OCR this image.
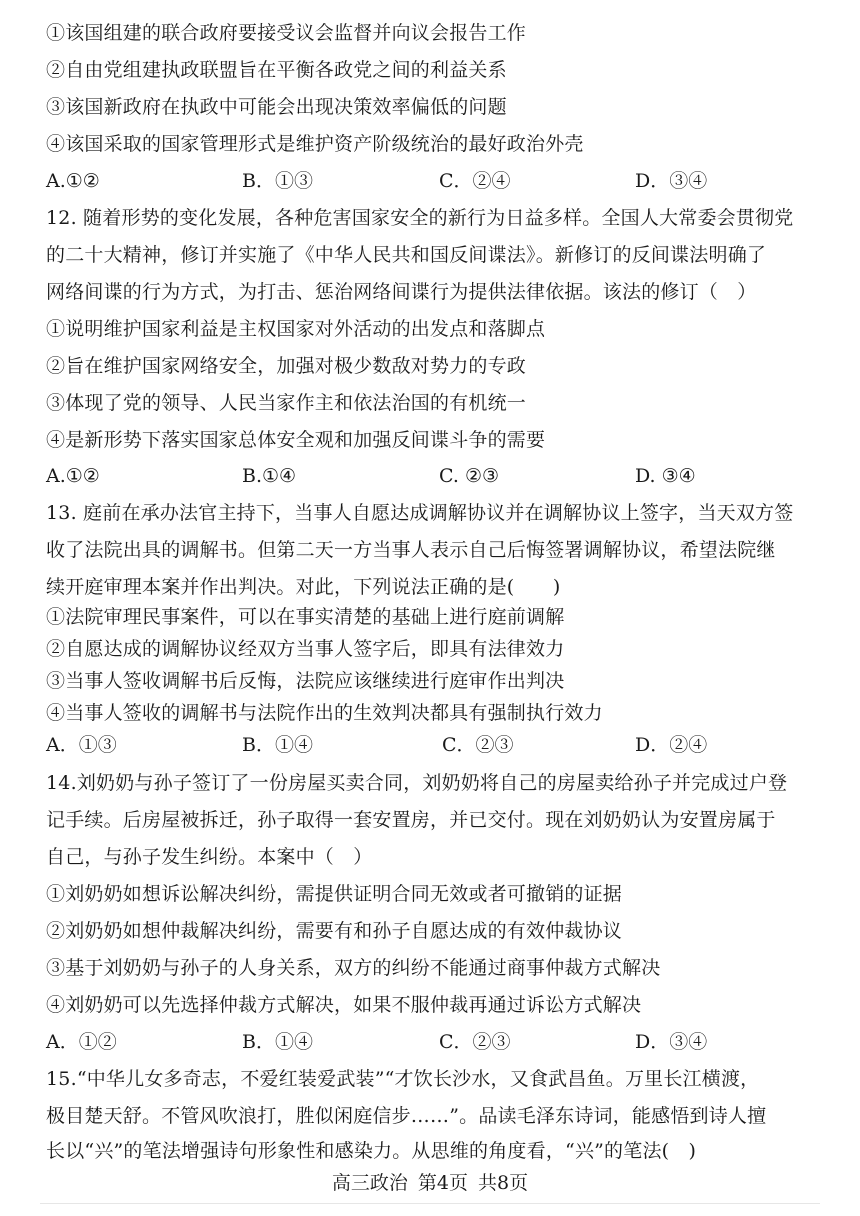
①该国组建的联合政府要接受议会监督并向议会报告工作
②自由党组建执政联盟旨在平衡各政党之间的利益关系
③该国新政府在执政中可能会出现决策效率偏低的问题
④该国采取的国家管理形式是维护资产阶级统治的最好政治外壳
A.①②	B．①③	C．②④	D．③④
12. 随着形势的变化发展，各种危害国家安全的新行为日益多样。全国人大常委会贯彻党
的二十大精神，修订并实施了《中华人民共和国反间谍法》。新修订的反间谍法明确了
网络间谍的行为方式，为打击、惩治网络间谍行为提供法律依据。该法的修订（　）
①说明维护国家利益是主权国家对外活动的出发点和落脚点
②旨在维护国家网络安全，加强对极少数敌对势力的专政
③体现了党的领导、人民当家作主和依法治国的有机统一
④是新形势下落实国家总体安全观和加强反间谍斗争的需要
A.①②	B.①④	C. ②③	D. ③④
13. 庭前在承办法官主持下，当事人自愿达成调解协议并在调解协议上签字，当天双方签
收了法院出具的调解书。但第二天一方当事人表示自己后悔签署调解协议，希望法院继
续开庭审理本案并作出判决。对此，下列说法正确的是(　　)
①法院审理民事案件，可以在事实清楚的基础上进行庭前调解
②自愿达成的调解协议经双方当事人签字后，即具有法律效力
③当事人签收调解书后反悔，法院应该继续进行庭审作出判决
④当事人签收的调解书与法院作出的生效判决都具有强制执行效力
A．①③	B．①④	C．②③	D．②④
14.刘奶奶与孙子签订了一份房屋买卖合同，刘奶奶将自己的房屋卖给孙子并完成过户登
记手续。后房屋被拆迁，孙子取得一套安置房，并已交付。现在刘奶奶认为安置房属于
自己，与孙子发生纠纷。本案中（　）
①刘奶奶如想诉讼解决纠纷，需提供证明合同无效或者可撤销的证据
②刘奶奶如想仲裁解决纠纷，需要有和孙子自愿达成的有效仲裁协议
③基于刘奶奶与孙子的人身关系，双方的纠纷不能通过商事仲裁方式解决
④刘奶奶可以先选择仲裁方式解决，如果不服仲裁再通过诉讼方式解决
A．①②	B．①④	C．②③	D．③④
15.“中华儿女多奇志，不爱红装爱武装”“才饮长沙水，又食武昌鱼。万里长江横渡，
极目楚天舒。不管风吹浪打，胜似闲庭信步……”。品读毛泽东诗词，能感悟到诗人擅
长以“兴”的笔法增强诗句形象性和感染力。从思维的角度看，“兴”的笔法(　)
高三政治 第4页 共8页
